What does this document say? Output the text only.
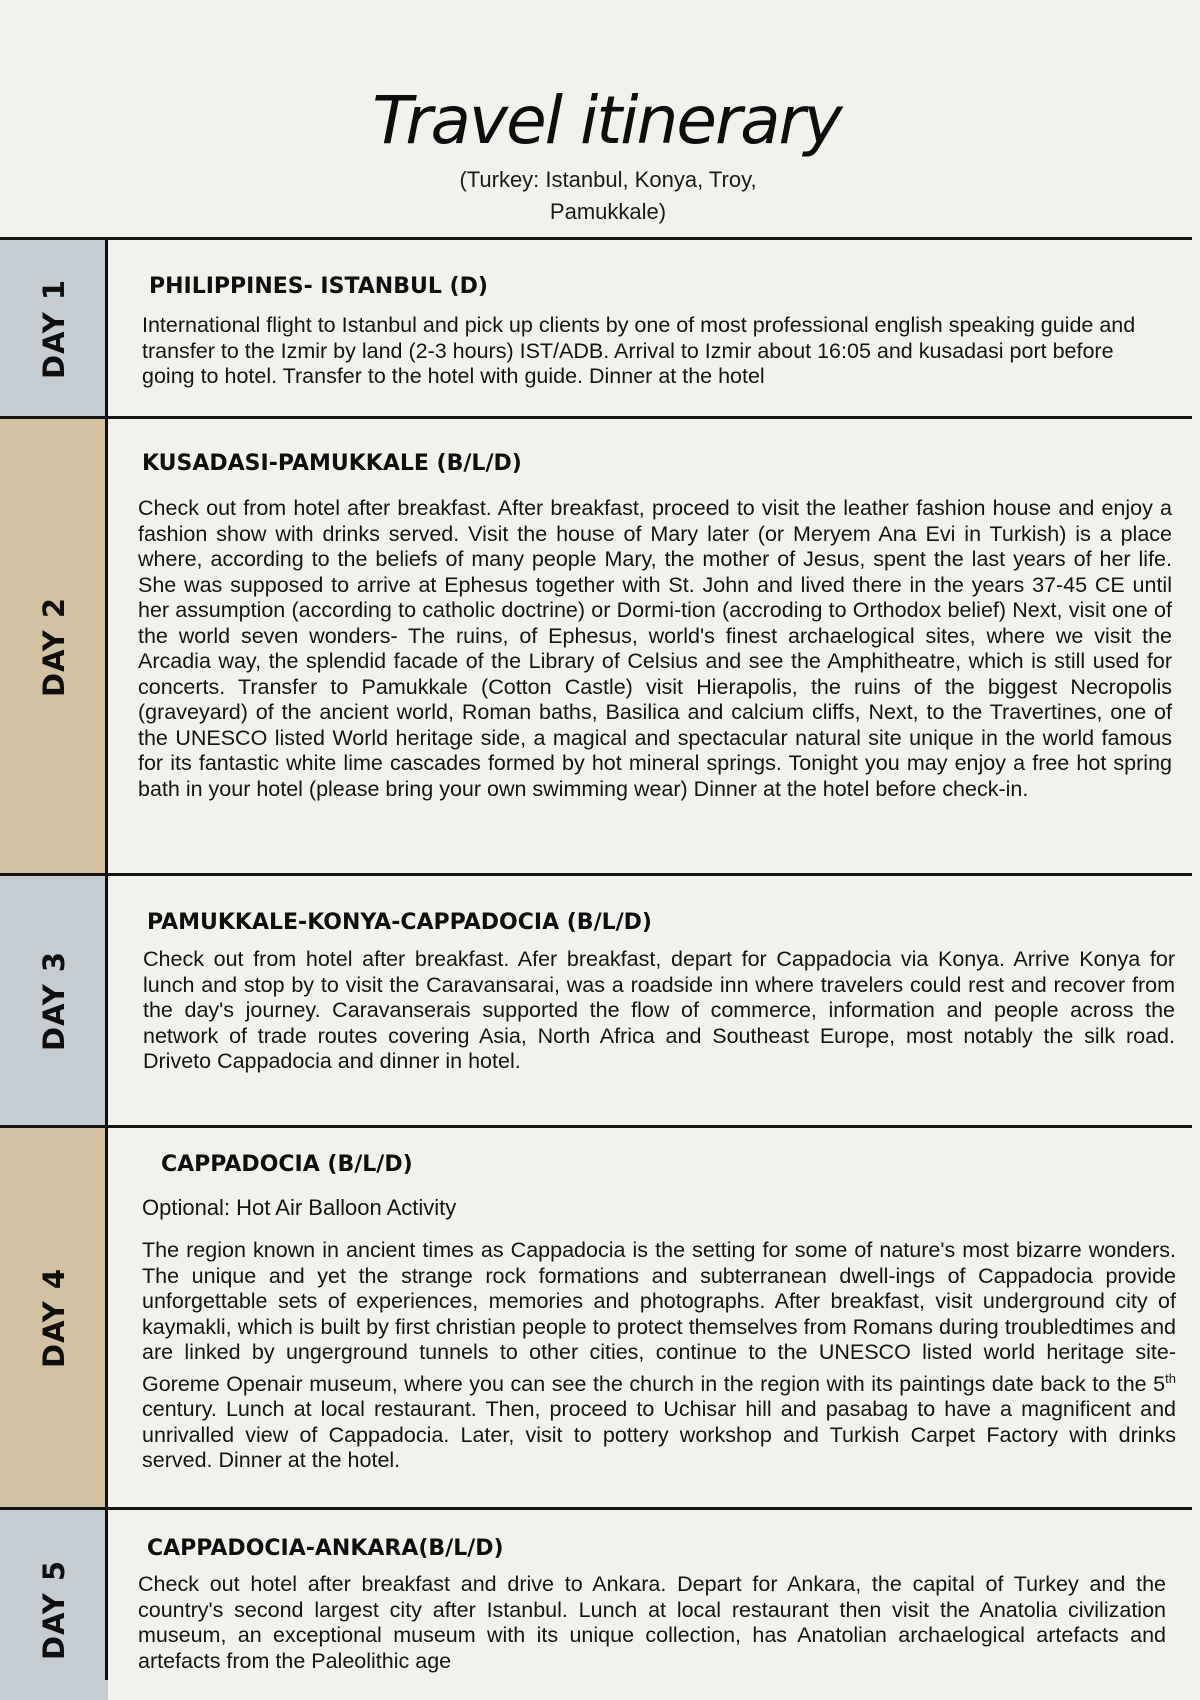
Travel itinerary
(Turkey: Istanbul, Konya, Troy, Pamukkale)
DAY 1	PHILIPPINES- ISTANBUL (D)
International flight to Istanbul and pick up clients by one of most professional english speaking guide and transfer to the Izmir by land (2-3 hours) IST/ADB. Arrival to Izmir about 16:05 and kusadasi port before going to hotel. Transfer to the hotel with guide. Dinner at the hotel
DAY 2
KUSADASI-PAMUKKALE (B/L/D)
Check out from hotel after breakfast. After breakfast, proceed to visit the leather fashion house and enjoy a fashion show with drinks served. Visit the house of Mary later (or Meryem Ana Evi in Turkish) is a place where, according to the beliefs of many people Mary, the mother of Jesus, spent the last years of her life. She was supposed to arrive at Ephesus together with St. John and lived there in the years 37-45 CE until her assumption (according to catholic doctrine) or Dormi-tion (accroding to Orthodox belief) Next, visit one of the world seven wonders- The ruins, of Ephesus, world's finest archaelogical sites, where we visit the Arcadia way, the splendid facade of the Library of Celsius and see the Amphitheatre, which is still used for concerts. Transfer to Pamukkale (Cotton Castle) visit Hierapolis, the ruins of the biggest Necropolis (graveyard) of the ancient world, Roman baths, Basilica and calcium cliffs, Next, to the Travertines, one of the UNESCO listed World heritage side, a magical and spectacular natural site unique in the world famous for its fantastic white lime cascades formed by hot mineral springs. Tonight you may enjoy a free hot spring bath in your hotel (please bring your own swimming wear) Dinner at the hotel before check-in.
DAY 3
PAMUKKALE-KONYA-CAPPADOCIA (B/L/D)
Check out from hotel after breakfast. Afer breakfast, depart for Cappadocia via Konya. Arrive Konya for lunch and stop by to visit the Caravansarai, was a roadside inn where travelers could rest and recover from the day's journey. Caravanserais supported the flow of commerce, information and people across the network of trade routes covering Asia, North Africa and Southeast Europe, most notably the silk road. Driveto Cappadocia and dinner in hotel.
DAY 4
CAPPADOCIA (B/L/D)
Optional: Hot Air Balloon Activity
The region known in ancient times as Cappadocia is the setting for some of nature's most bizarre wonders. The unique and yet the strange rock formations and subterranean dwell-ings of Cappadocia provide unforgettable sets of experiences, memories and photographs. After breakfast, visit underground city of kaymakli, which is built by first christian people to protect themselves from Romans during troubledtimes and are linked by ungerground tunnels to other cities, continue to the UNESCO listed world heritage site- Goreme Openair museum, where you can see the church in the region with its paintings date back to the 5th century. Lunch at local restaurant. Then, proceed to Uchisar hill and pasabag to have a magnificent and unrivalled view of Cappadocia. Later, visit to pottery workshop and Turkish Carpet Factory with drinks served. Dinner at the hotel.
DAY 5
CAPPADOCIA-ANKARA(B/L/D)
Check out hotel after breakfast and drive to Ankara. Depart for Ankara, the capital of Turkey and the country's second largest city after Istanbul. Lunch at local restaurant then visit the Anatolia civilization museum, an exceptional museum with its unique collection, has Anatolian archaelogical artefacts and artefacts from the Paleolithic age
